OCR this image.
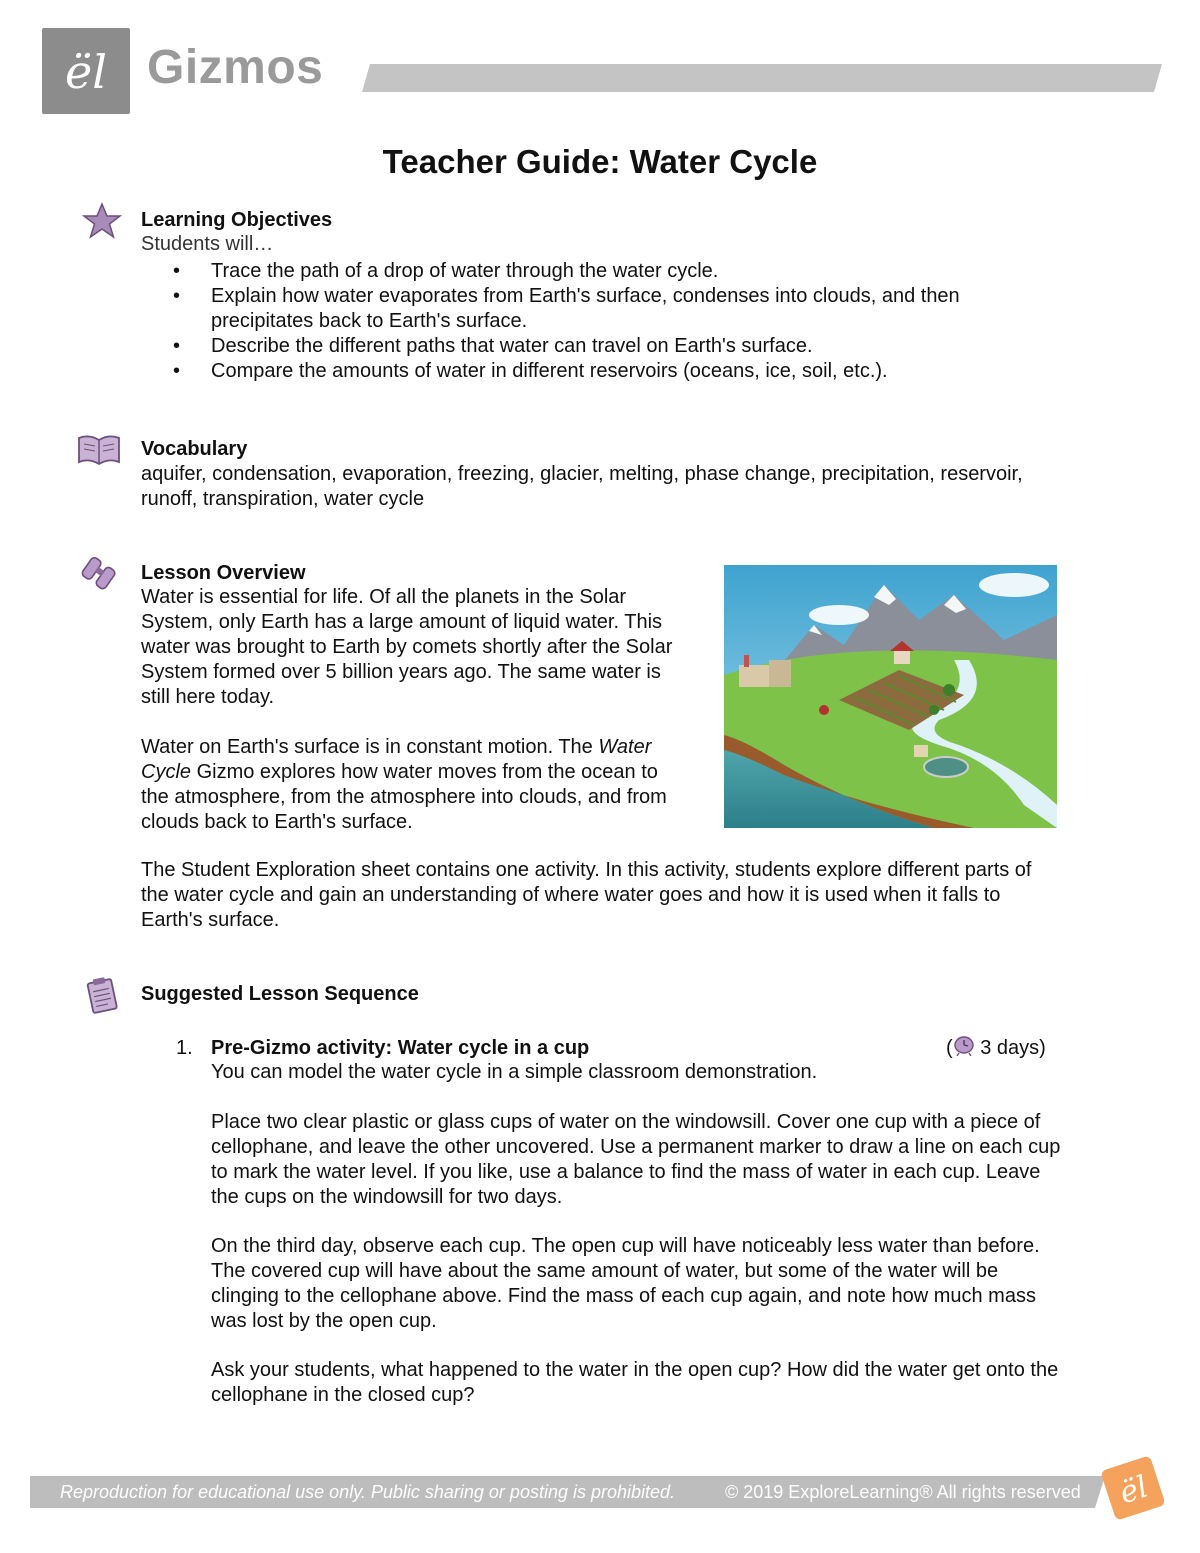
ël Gizmos
Teacher Guide: Water Cycle
Learning Objectives
Students will…
• Trace the path of a drop of water through the water cycle.
• Explain how water evaporates from Earth's surface, condenses into clouds, and then precipitates back to Earth's surface.
• Describe the different paths that water can travel on Earth's surface.
• Compare the amounts of water in different reservoirs (oceans, ice, soil, etc.).
Vocabulary
aquifer, condensation, evaporation, freezing, glacier, melting, phase change, precipitation, reservoir, runoff, transpiration, water cycle
Lesson Overview
Water is essential for life. Of all the planets in the Solar System, only Earth has a large amount of liquid water. This water was brought to Earth by comets shortly after the Solar System formed over 5 billion years ago. The same water is still here today.
Water on Earth's surface is in constant motion. The Water Cycle Gizmo explores how water moves from the ocean to the atmosphere, from the atmosphere into clouds, and from clouds back to Earth's surface.
The Student Exploration sheet contains one activity. In this activity, students explore different parts of the water cycle and gain an understanding of where water goes and how it is used when it falls to Earth's surface.
Suggested Lesson Sequence
1. Pre-Gizmo activity: Water cycle in a cup	( 3 days)
You can model the water cycle in a simple classroom demonstration.
Place two clear plastic or glass cups of water on the windowsill. Cover one cup with a piece of cellophane, and leave the other uncovered. Use a permanent marker to draw a line on each cup to mark the water level. If you like, use a balance to find the mass of water in each cup. Leave the cups on the windowsill for two days.
On the third day, observe each cup. The open cup will have noticeably less water than before. The covered cup will have about the same amount of water, but some of the water will be clinging to the cellophane above. Find the mass of each cup again, and note how much mass was lost by the open cup.
Ask your students, what happened to the water in the open cup? How did the water get onto the cellophane in the closed cup?
Reproduction for educational use only. Public sharing or posting is prohibited.	© 2019 ExploreLearning® All rights reserved ël
